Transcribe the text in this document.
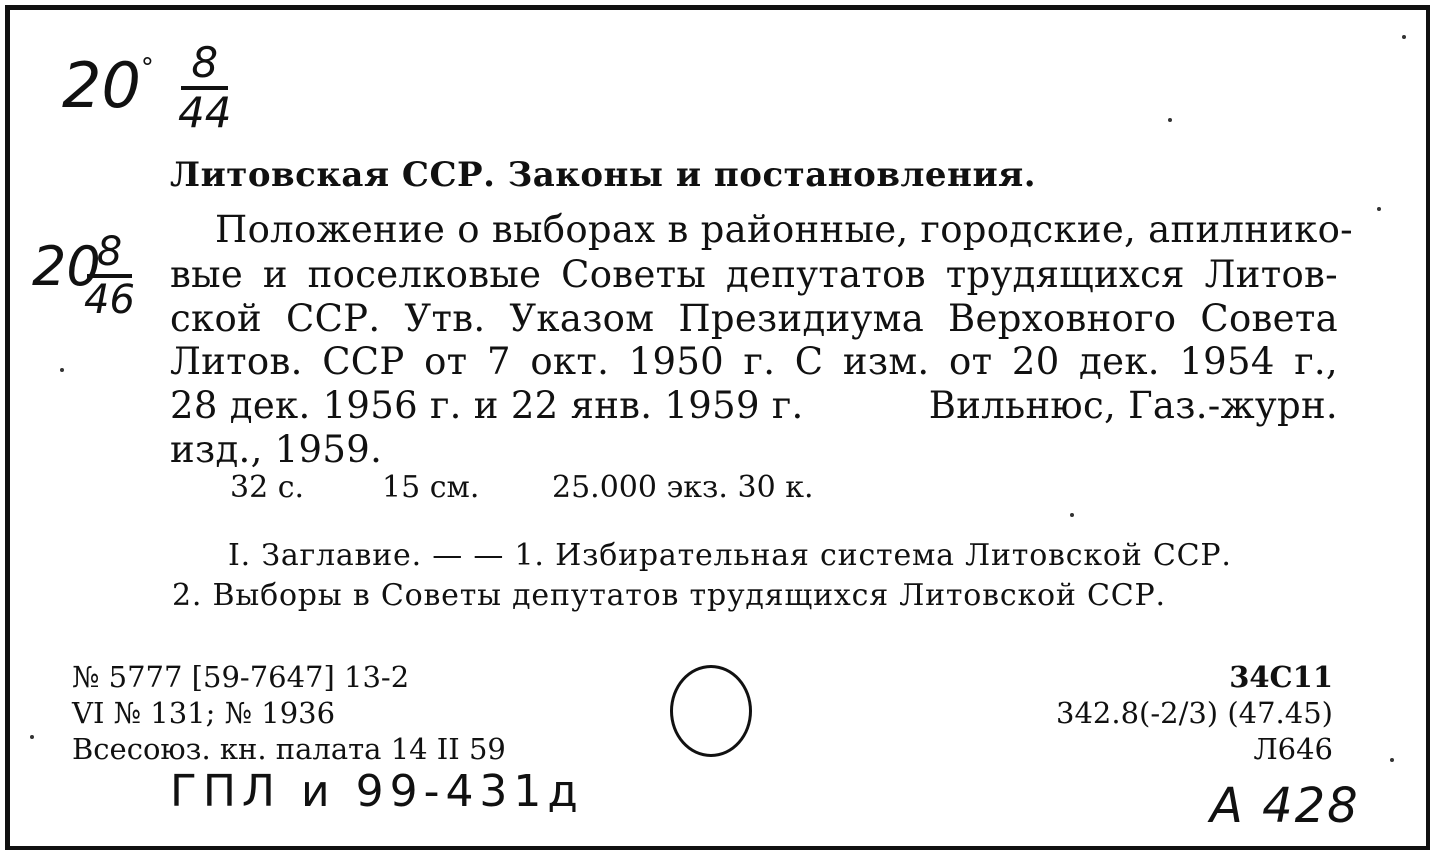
$20^\circ \frac{8}{44}$
20
$\frac{8}{46}$
Литовская ССР. Законы и постановления.
Положение о выборах в районные, городские, апилнико-
вые и поселковые Советы депутатов трудящихся Литов-
ской ССР. Утв. Указом Президиума Верховного Совета
Литов. ССР от 7 окт. 1950 г. С изм. от 20 дек. 1954 г.,
28 дек. 1956 г. и 22 янв. 1959 г.	Вильнюс, Газ.-журн.
изд., 1959.
32 с.	15 см. 25.000 экз. 30 к.
I. Заглавие. — — 1. Избирательная система Литовской ССР.
2. Выборы в Советы депутатов трудящихся Литовской ССР.
№ 5777 [59-7647] 13-2
VI № 131; № 1936
Всесоюз. кн. палата 14 II 59
34С11
342.8(-2/3) (47.45)
Л646
ГПЛ и 99-431д	А 428
